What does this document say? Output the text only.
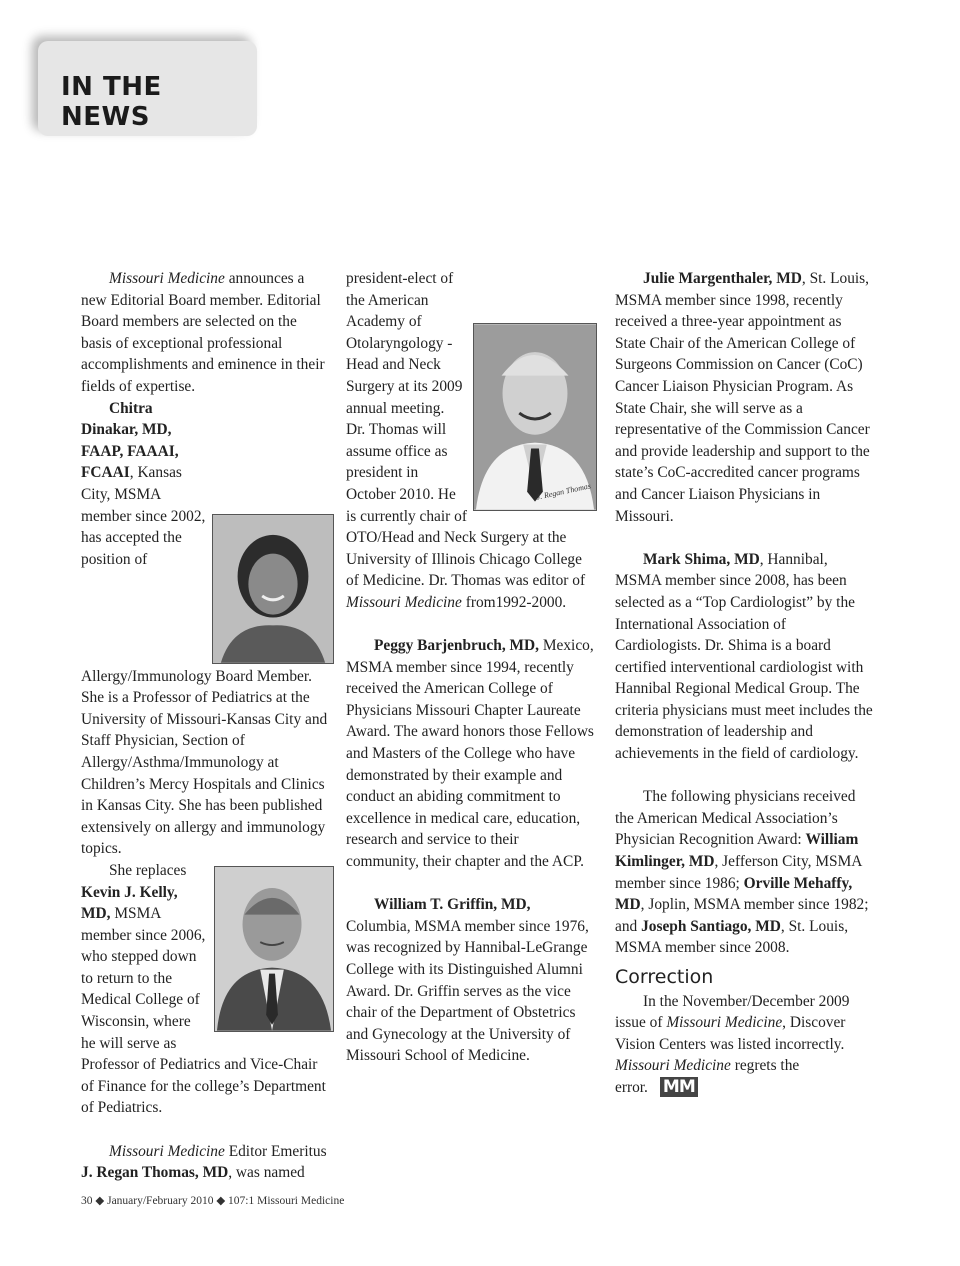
IN THE NEWS

Missouri Medicine announces a new Editorial Board member. Editorial Board members are selected on the basis of exceptional professional accomplishments and eminence in their fields of expertise.

Chitra Dinakar, MD, FAAP, FAAAI, FCAAI, Kansas City, MSMA member since 2002, has accepted the position of Allergy/Immunology Board Member. She is a Professor of Pediatrics at the University of Missouri-Kansas City and Staff Physician, Section of Allergy/Asthma/Immunology at Children’s Mercy Hospitals and Clinics in Kansas City. She has been published extensively on allergy and immunology topics.

She replaces Kevin J. Kelly, MD, MSMA member since 2006, who stepped down to return to the Medical College of Wisconsin, where he will serve as Professor of Pediatrics and Vice-Chair of Finance for the college’s Department of Pediatrics.

Missouri Medicine Editor Emeritus J. Regan Thomas, MD, was named

J. Regan Thomas
president-elect of the American Academy of Otolaryngology - Head and Neck Surgery at its 2009 annual meeting. Dr. Thomas will assume office as president in October 2010. He is currently chair of OTO/Head and Neck Surgery at the University of Illinois Chicago College of Medicine. Dr. Thomas was editor of Missouri Medicine from1992-2000.

Peggy Barjenbruch, MD, Mexico, MSMA member since 1994, recently received the American College of Physicians Missouri Chapter Laureate Award. The award honors those Fellows and Masters of the College who have demonstrated by their example and conduct an abiding commitment to excellence in medical care, education, research and service to their community, their chapter and the ACP.

William T. Griffin, MD, Columbia, MSMA member since 1976, was recognized by Hannibal-LeGrange College with its Distinguished Alumni Award. Dr. Griffin serves as the vice chair of the Department of Obstetrics and Gynecology at the University of Missouri School of Medicine.

Julie Margenthaler, MD, St. Louis, MSMA member since 1998, recently received a three-year appointment as State Chair of the American College of Surgeons Commission on Cancer (CoC) Cancer Liaison Physician Program. As State Chair, she will serve as a representative of the Commission Cancer and provide leadership and support to the state’s CoC-accredited cancer programs and Cancer Liaison Physicians in Missouri.

Mark Shima, MD, Hannibal, MSMA member since 2008, has been selected as a “Top Cardiologist” by the International Association of Cardiologists. Dr. Shima is a board certified interventional cardiologist with Hannibal Regional Medical Group. The criteria physicians must meet includes the demonstration of leadership and achievements in the field of cardiology.

The following physicians received the American Medical Association’s Physician Recognition Award: William Kimlinger, MD, Jefferson City, MSMA member since 1986; Orville Mehaffy, MD, Joplin, MSMA member since 1982; and Joseph Santiago, MD, St. Louis, MSMA member since 2008.

Correction

In the November/December 2009 issue of Missouri Medicine, Discover Vision Centers was listed incorrectly. Missouri Medicine regrets the error. MM

30 ◆ January/February 2010 ◆ 107:1 Missouri Medicine
